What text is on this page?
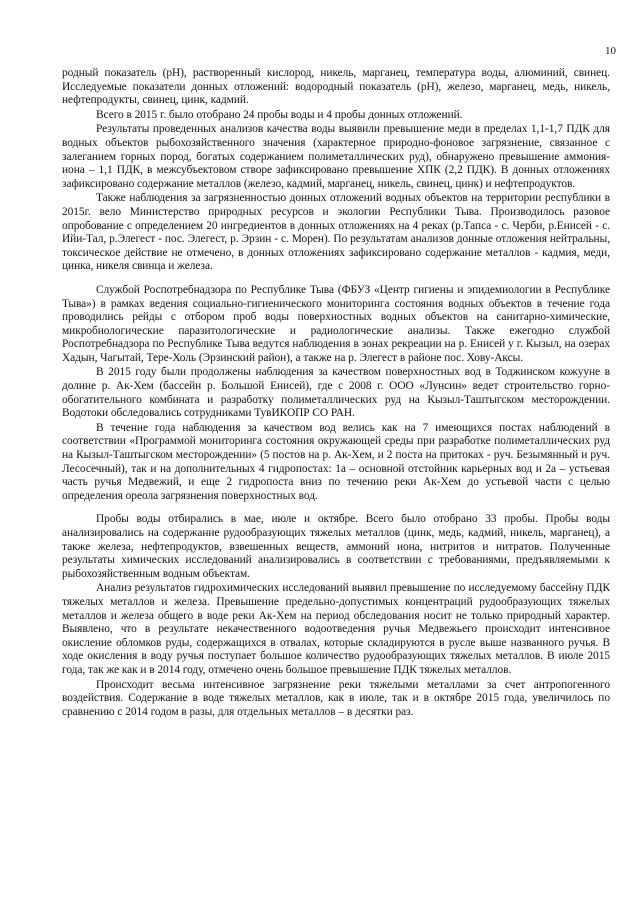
10

родный показатель (рН), растворенный кислород, никель, марганец, температура воды, алюминий, свинец. Исследуемые показатели донных отложений: водородный показатель (рН), железо, марганец, медь, никель, нефтепродукты, свинец, цинк, кадмий.

Всего в 2015 г. было отобрано 24 пробы воды и 4 пробы донных отложений.

Результаты проведенных анализов качества воды выявили превышение меди в пределах 1,1-1,7 ПДК для водных объектов рыбохозяйственного значения (характерное природно-фоновое загрязнение, связанное с залеганием горных пород, богатых содержанием полиметаллических руд), обнаружено превышение аммония-иона – 1,1 ПДК, в межсубъектовом створе зафиксировано превышение ХПК (2,2 ПДК). В донных отложениях зафиксировано содержание металлов (железо, кадмий, марганец, никель, свинец, цинк) и нефтепродуктов.

Также наблюдения за загрязненностью донных отложений водных объектов на территории республики в 2015г. вело Министерство природных ресурсов и экологии Республики Тыва. Производилось разовое опробование с определением 20 ингредиентов в донных отложениях на 4 реках (р.Тапса - с. Черби, р.Енисей - с. Ийи-Тал, р.Элегест - пос. Элегест, р. Эрзин - с. Морен). По результатам анализов донные отложения нейтральны, токсическое действие не отмечено, в донных отложениях зафиксировано содержание металлов - кадмия, меди, цинка, никеля свинца и железа.

Службой Роспотребнадзора по Республике Тыва (ФБУЗ «Центр гигиены и эпидемиологии в Республике Тыва») в рамках ведения социально-гигиенического мониторинга состояния водных объектов в течение года проводились рейды с отбором проб воды поверхностных водных объектов на санитарно-химические, микробиологические паразитологические и радиологические анализы. Также ежегодно службой Роспотребнадзора по Республике Тыва ведутся наблюдения в зонах рекреации на р. Енисей у г. Кызыл, на озерах Хадын, Чагытай, Тере-Холь (Эрзинский район), а также на р. Элегест в районе пос. Хову-Аксы.

В 2015 году были продолжены наблюдения за качеством поверхностных вод в Тоджинском кожууне в долине р. Ак-Хем (бассейн р. Большой Енисей), где с 2008 г. ООО «Лунсин» ведет строительство горно-обогатительного комбината и разработку полиметаллических руд на Кызыл-Таштыгском месторождении. Водотоки обследовались сотрудниками ТувИКОПР СО РАН.

В течение года наблюдения за качеством вод велись как на 7 имеющихся постах наблюдений в соответствии «Программой мониторинга состояния окружающей среды при разработке полиметаллических руд на Кызыл-Таштыгском месторождении» (5 постов на р. Ак-Хем, и 2 поста на притоках - руч. Безымянный и руч. Лесосечный), так и на дополнительных 4 гидропостах: 1а – основной отстойник карьерных вод и 2а – устьевая часть ручья Медвежий, и еще 2 гидропоста вниз по течению реки Ак-Хем до устьевой части с целью определения ореола загрязнения поверхностных вод.

Пробы воды отбирались в мае, июле и октябре. Всего было отобрано 33 пробы. Пробы воды анализировались на содержание рудообразующих тяжелых металлов (цинк, медь, кадмий, никель, марганец), а также железа, нефтепродуктов, взвешенных веществ, аммоний иона, нитритов и нитратов. Полученные результаты химических исследований анализировались в соответствии с требованиями, предъявляемыми к рыбохозяйственным водным объектам.

Анализ результатов гидрохимических исследований выявил превышение по исследуемому бассейну ПДК тяжелых металлов и железа. Превышение предельно-допустимых концентраций рудообразующих тяжелых металлов и железа общего в воде реки Ак-Хем на период обследования носит не только природный характер. Выявлено, что в результате некачественного водоотведения ручья Медвежьего происходит интенсивное окисление обломков руды, содержащихся в отвалах, которые складируются в русле выше названного ручья. В ходе окисления в воду ручья поступает большое количество рудообразующих тяжелых металлов. В июле 2015 года, так же как и в 2014 году, отмечено очень большое превышение ПДК тяжелых металлов.

Происходит весьма интенсивное загрязнение реки тяжелыми металлами за счет антропогенного воздействия. Содержание в воде тяжелых металлов, как в июле, так и в октябре 2015 года, увеличилось по сравнению с 2014 годом в разы, для отдельных металлов – в десятки раз.
